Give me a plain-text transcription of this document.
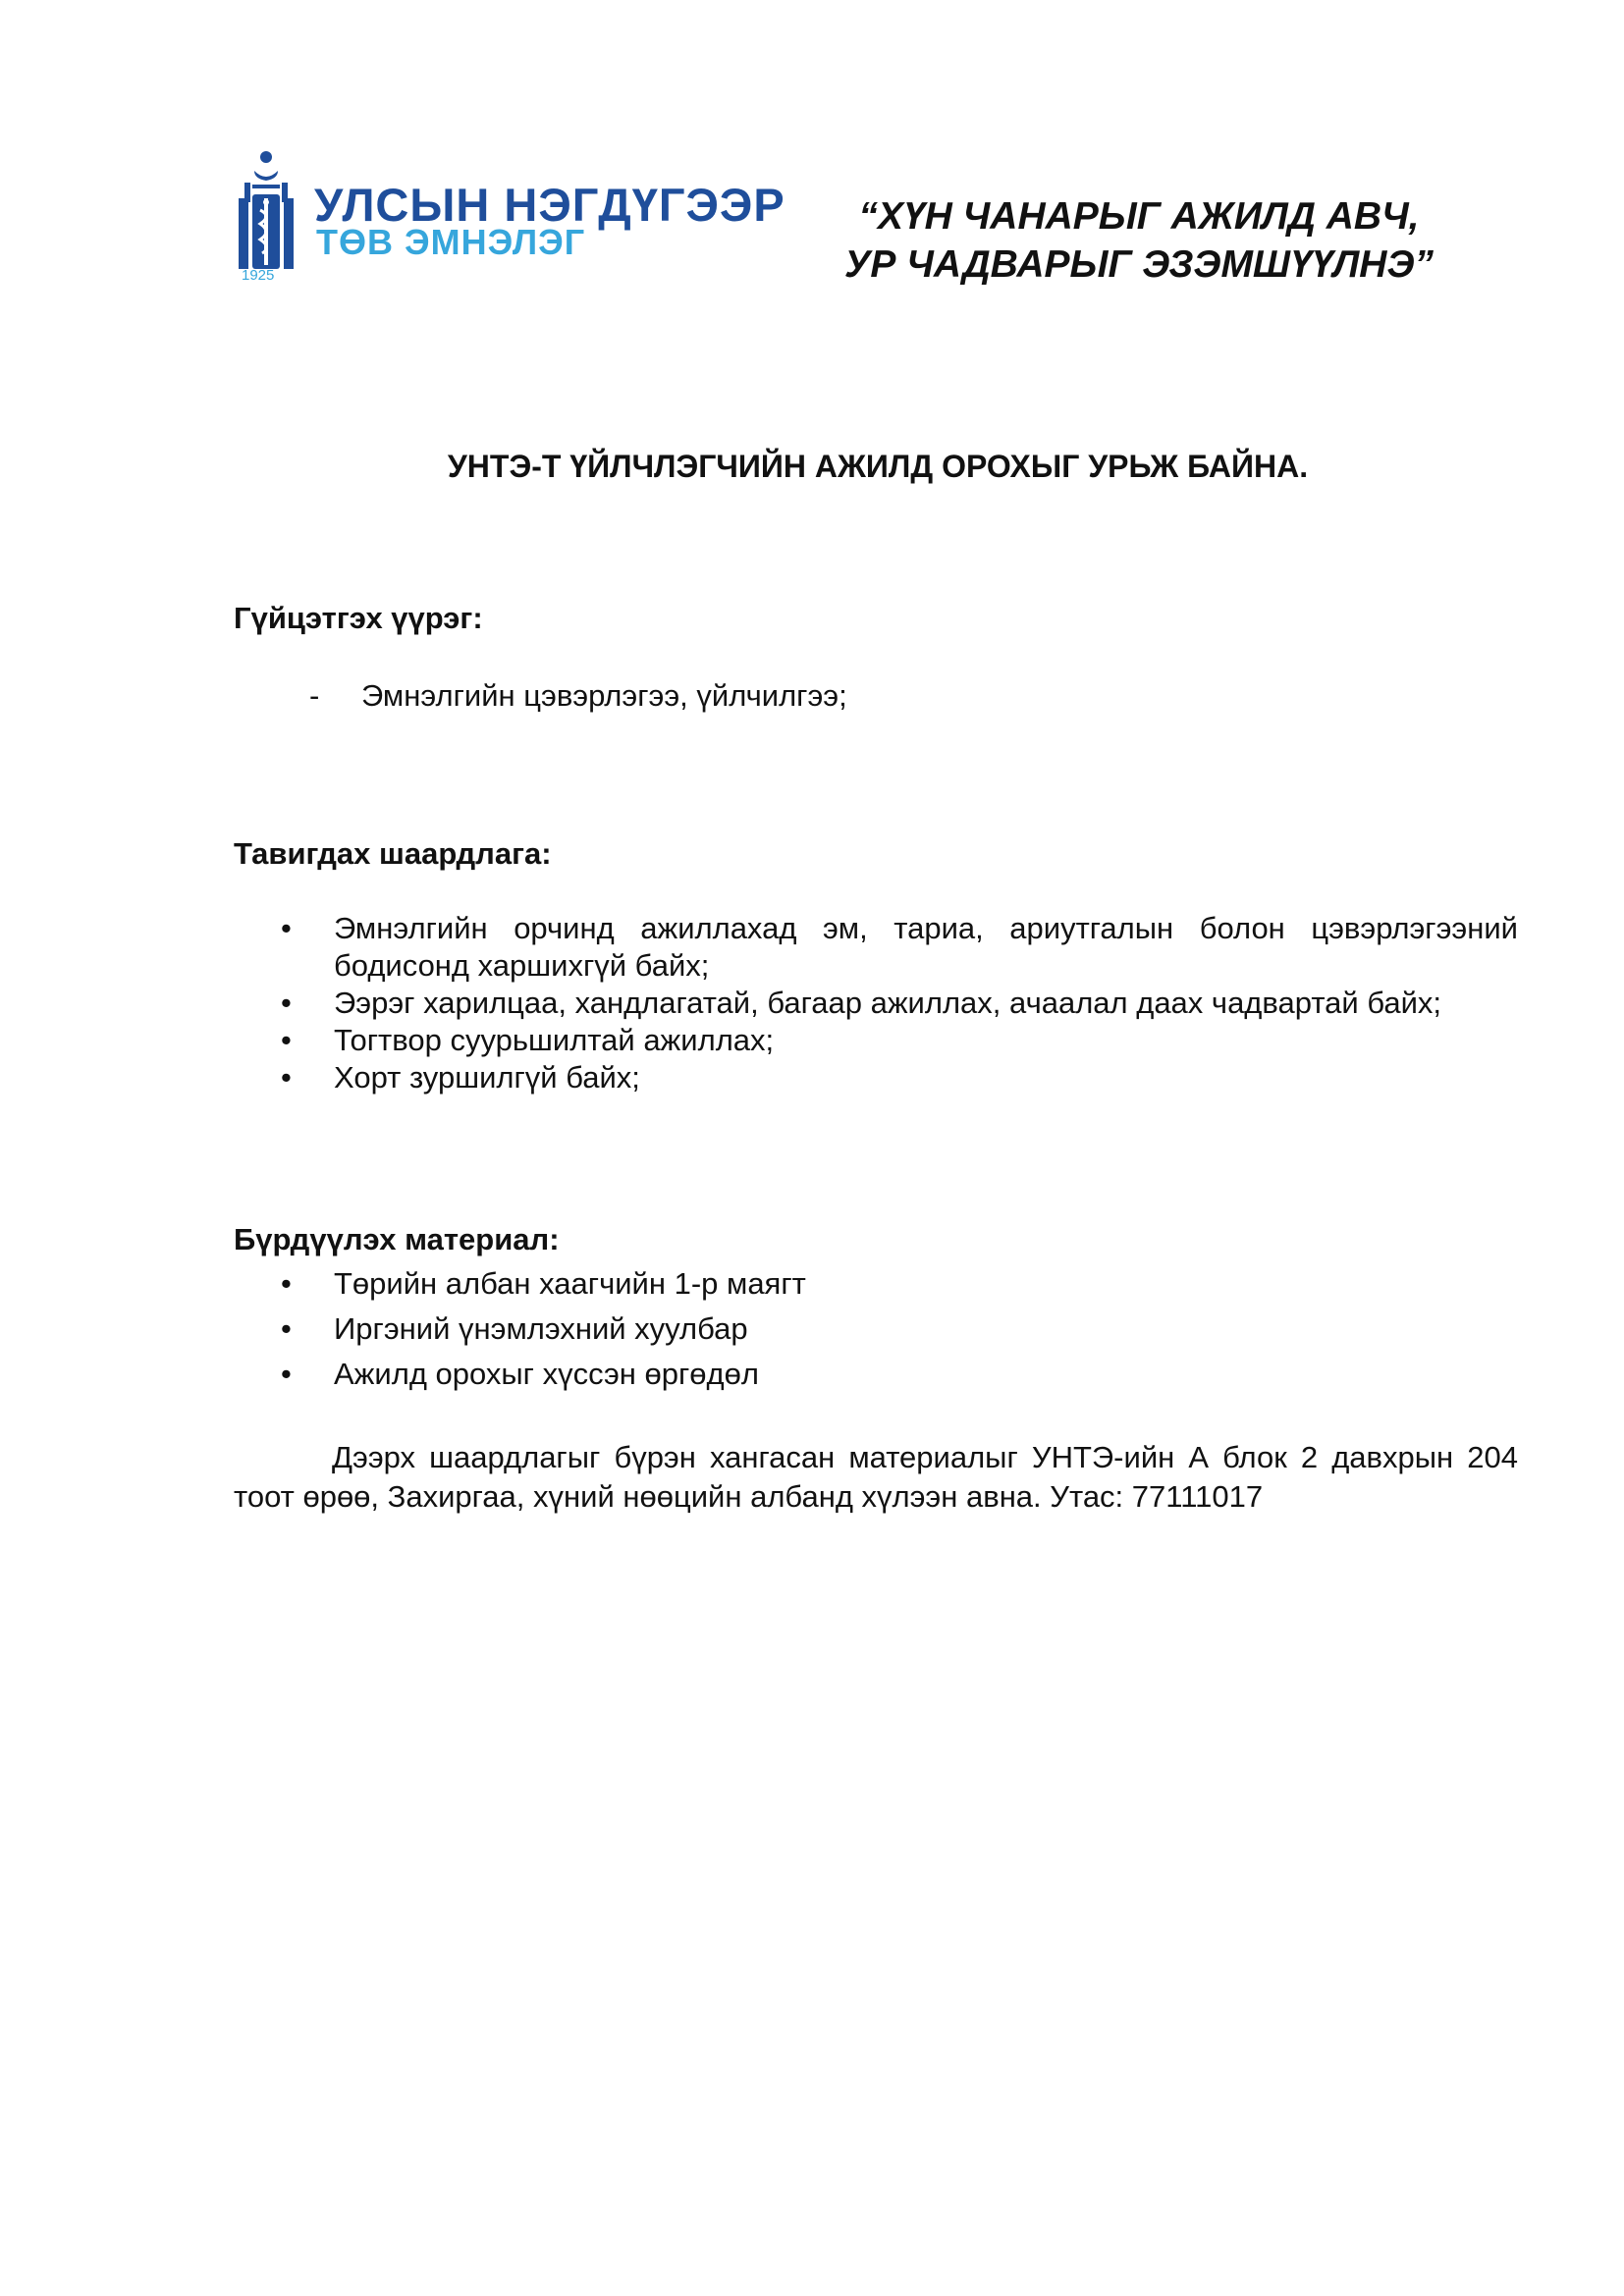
УЛСЫН НЭГДҮГЭЭР
ТӨВ ЭМНЭЛЭГ
1925
“ХҮН ЧАНАРЫГ АЖИЛД АВЧ,
УР ЧАДВАРЫГ ЭЗЭМШҮҮЛНЭ”
УНТЭ-Т ҮЙЛЧЛЭГЧИЙН АЖИЛД ОРОХЫГ УРЬЖ БАЙНА.
Гүйцэтгэх үүрэг:
- Эмнэлгийн цэвэрлэгээ, үйлчилгээ;
Тавигдах шаардлага:
• Эмнэлгийн орчинд ажиллахад эм, тариа, ариутгалын болон цэвэрлэгээний бодисонд харшихгүй байх;
• Ээрэг харилцаа, хандлагатай, багаар ажиллах, ачаалал даах чадвартай байх;
• Тогтвор суурьшилтай ажиллах;
• Хорт зуршилгүй байх;
Бүрдүүлэх материал:
• Төрийн албан хаагчийн 1-р маягт
• Иргэний үнэмлэхний хуулбар
• Ажилд орохыг хүссэн өргөдөл
Дээрх шаардлагыг бүрэн хангасан материалыг УНТЭ-ийн А блок 2 давхрын 204 тоот өрөө, Захиргаа, хүний нөөцийн албанд хүлээн авна. Утас: 77111017
